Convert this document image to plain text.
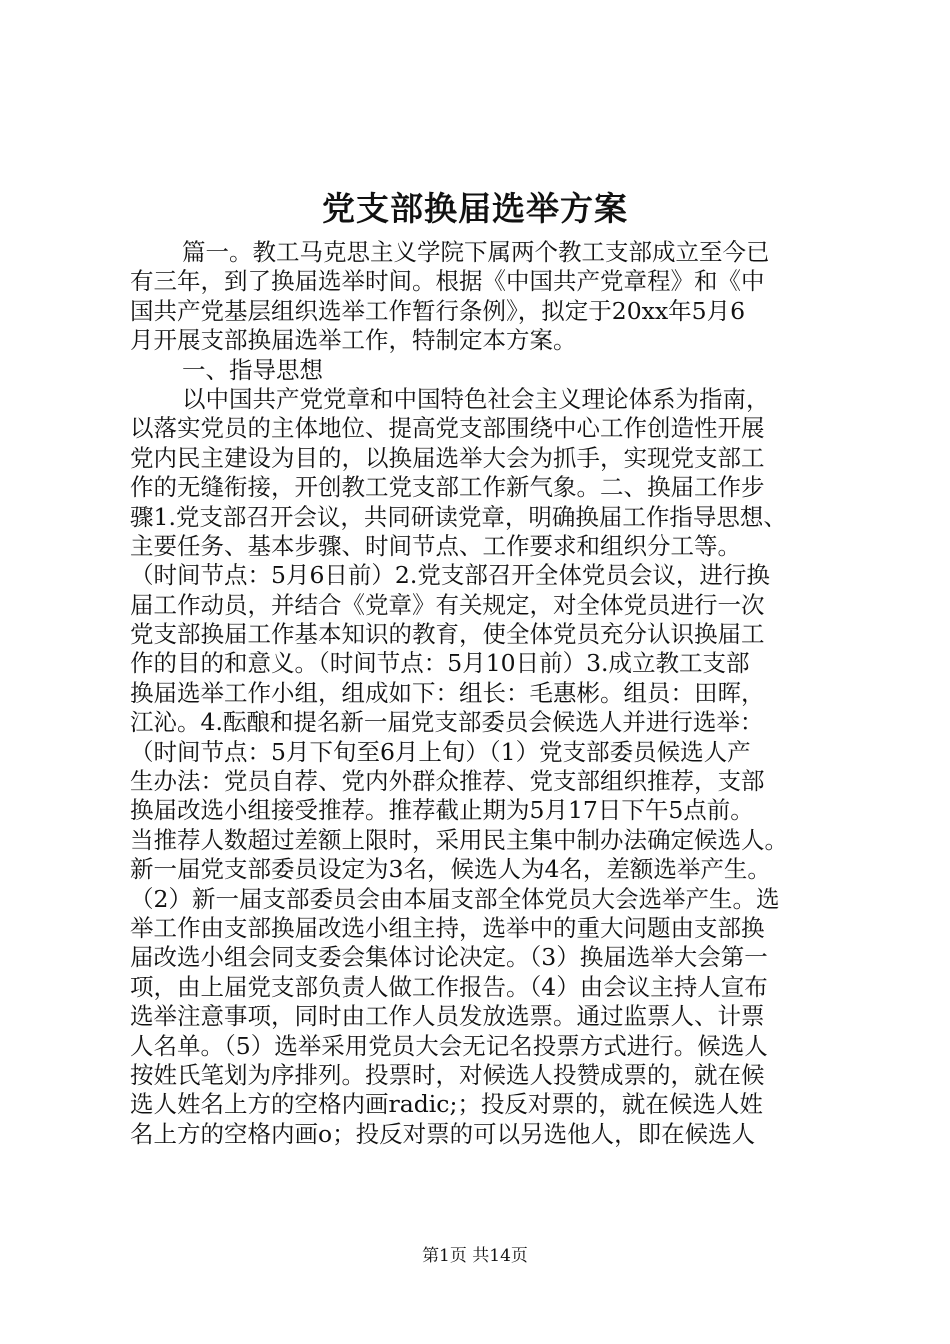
党支部换届选举方案
篇一。教工马克思主义学院下属两个教工支部成立至今已
有三年，到了换届选举时间。根据《中国共产党章程》和《中
国共产党基层组织选举工作暂行条例》，拟定于20xx年5月6
月开展支部换届选举工作，特制定本方案。
一、指导思想
以中国共产党党章和中国特色社会主义理论体系为指南，
以落实党员的主体地位、提高党支部围绕中心工作创造性开展
党内民主建设为目的，以换届选举大会为抓手，实现党支部工
作的无缝衔接，开创教工党支部工作新气象。二、换届工作步
骤1.党支部召开会议，共同研读党章，明确换届工作指导思想、
主要任务、基本步骤、时间节点、工作要求和组织分工等。
（时间节点：5月6日前）2.党支部召开全体党员会议，进行换
届工作动员，并结合《党章》有关规定，对全体党员进行一次
党支部换届工作基本知识的教育，使全体党员充分认识换届工
作的目的和意义。（时间节点：5月10日前）3.成立教工支部
换届选举工作小组，组成如下：组长：毛惠彬。组员：田晖，
江沁。4.酝酿和提名新一届党支部委员会候选人并进行选举：
（时间节点：5月下旬至6月上旬）（1）党支部委员候选人产
生办法：党员自荐、党内外群众推荐、党支部组织推荐，支部
换届改选小组接受推荐。推荐截止期为5月17日下午5点前。
当推荐人数超过差额上限时，采用民主集中制办法确定候选人。
新一届党支部委员设定为3名，候选人为4名，差额选举产生。
（2）新一届支部委员会由本届支部全体党员大会选举产生。选
举工作由支部换届改选小组主持，选举中的重大问题由支部换
届改选小组会同支委会集体讨论决定。（3）换届选举大会第一
项，由上届党支部负责人做工作报告。（4）由会议主持人宣布
选举注意事项，同时由工作人员发放选票。通过监票人、计票
人名单。（5）选举采用党员大会无记名投票方式进行。候选人
按姓氏笔划为序排列。投票时，对候选人投赞成票的，就在候
选人姓名上方的空格内画radic;；投反对票的，就在候选人姓
名上方的空格内画o；投反对票的可以另选他人，即在候选人
第1页 共14页
